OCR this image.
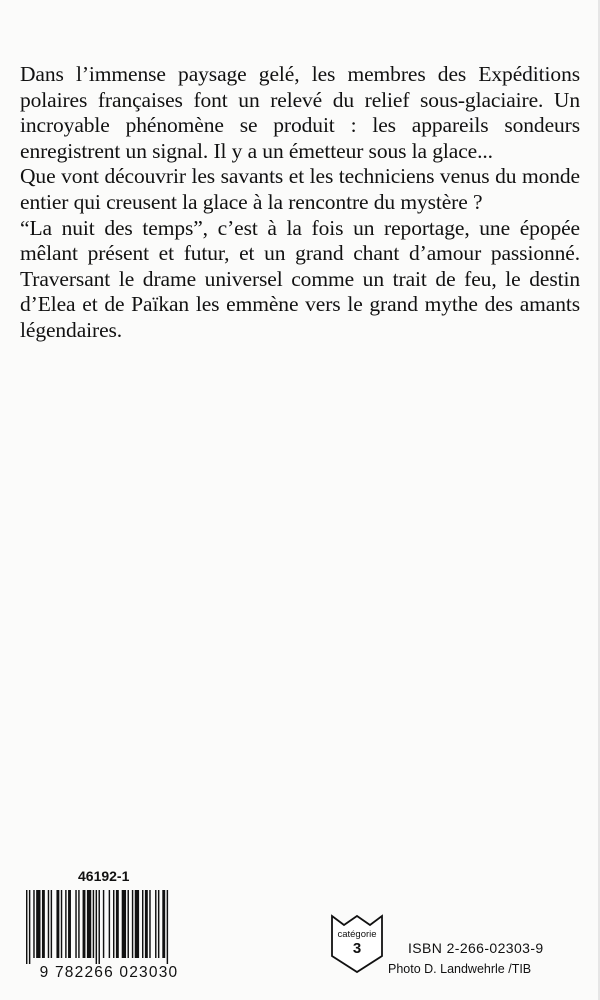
Dans l’immense paysage gelé, les membres des Expéditions polaires françaises font un relevé du relief sous-glaciaire. Un incroyable phénomène se produit : les appareils sondeurs enregistrent un signal. Il y a un émetteur sous la glace...

Que vont découvrir les savants et les techniciens venus du monde entier qui creusent la glace à la rencontre du mystère ?

“La nuit des temps”, c’est à la fois un reportage, une épopée mêlant présent et futur, et un grand chant d’amour passionné. Traversant le drame universel comme un trait de feu, le destin d’Elea et de Païkan les emmène vers le grand mythe des amants légendaires.

46192-1
9 782266 023030
catégorie
3	ISBN 2-266-02303-9
Photo D. Landwehrle /TIB
